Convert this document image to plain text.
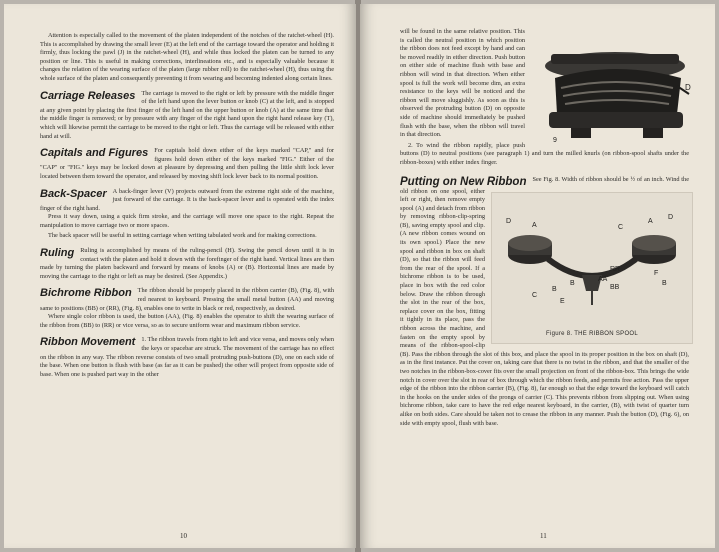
Attention is especially called to the movement of the platen independent of the notches of the ratchet-wheel (H). This is accomplished by drawing the small lever (E) at the left end of the carriage toward the operator and holding it firmly, thus locking the pawl (J) in the ratchet-wheel (H), and while thus locked the platen can be turned to any position or line. This is useful in making corrections, interlineations etc., and is especially valuable because it changes the relation of the wearing surface of the platen (large rubber roll) to the ratchet-wheel (H), thus using the whole surface of the platen and consequently preventing it from wearing and becoming indented along certain lines.

Carriage Releases The carriage is moved to the right or left by pressure with the middle finger of the left hand upon the lever button or knob (C) at the left, and is stopped at any given point by placing the first finger of the left hand on the upper button or knob (A) at the same time that the middle finger is removed; or by pressure with any finger of the right hand upon the right hand release key (T), which will likewise permit the carriage to be moved to the right or left. Thus the carriage will be released with either hand at will.
Capitals and Figures For capitals hold down either of the keys marked "CAP," and for figures hold down either of the keys marked "FIG." Either of the "CAP" or "FIG." keys may be locked down at pleasure by depressing and then pulling the little shift lock lever located between them toward the operator, and released by moving shift lock lever back to its normal position.
Back-Spacer A back-finger lever (V) projects outward from the extreme right side of the machine, just forward of the carriage. It is the back-spacer lever and is operated with the index finger of the right hand.

Press it way down, using a quick firm stroke, and the carriage will move one space to the right. Repeat the manipulation to move carriage two or more spaces.

The back spacer will be useful in setting carriage when writing tabulated work and for making corrections.

Ruling Ruling is accomplished by means of the ruling-pencil (H). Swing the pencil down until it is in contact with the platen and hold it down with the forefinger of the right hand. Vertical lines are then made by turning the platen backward and forward by means of knobs (A) or (B). Horizontal lines are made by moving the carriage to the right or left as may be desired. (See Appendix.)
Bichrome Ribbon The ribbon should be properly placed in the ribbon carrier (B), (Fig. 8), with red nearest to keyboard. Pressing the small metal button (AA) and moving same to positions (BB) or (RR), (Fig. 8), enables one to write in black or red, respectively, as desired.

Where single color ribbon is used, the button (AA), (Fig. 8) enables the operator to shift the wearing surface of the ribbon from (BB) to (RR) or vice versa, so as to secure uniform wear and maximum ribbon service.

Ribbon Movement 1. The ribbon travels from right to left and vice versa, and moves only when the keys or spacebar are struck. The movement of the carriage has no effect on the ribbon in any way. The ribbon reverse consists of two small protruding push-buttons (D), one on each side of the base. When one button is flush with base (as far as it can be pushed) the other will project from opposite side of base. When one is pushed part way in the other
10
D
9

will be found in the same relative position. This is called the neutral position in which position the ribbon does not feed except by hand and can be moved readily in either direction. Push button on either side of machine flush with base and ribbon will wind in that direction. When either spool is full the work will become dim, an extra resistance to the keys will be noticed and the ribbon will move sluggishly. As soon as this is observed the protruding button (D) on opposite side of machine should immediately be pushed flush with the base, when the ribbon will travel in that direction.

2. To wind the ribbon rapidly, place push buttons (D) to neutral positions (see paragraph 1) and turn the milled knurls (on ribbon-spool shafts under the ribbon-boxes) with either index finger.

Putting on New Ribbon
D
A	C
A
D
RR
AA
BB
B
B
F
B
C
E
Figure 8. THE RIBBON SPOOL
See Fig. 8. Width of ribbon should be ½ of an inch. Wind the old ribbon on one spool, either left or right, then remove empty spool (A) and detach from ribbon by removing ribbon-clip-spring (B), saving empty spool and clip. (A new ribbon comes wound on its own spool.) Place the new spool and ribbon in box on shaft (D), so that the ribbon will feed from the rear of the spool. If a bichrome ribbon is to be used, place in box with the red color below. Draw the ribbon through the slot in the rear of the box, replace cover on the box, fitting it tightly in its place, pass the ribbon across the machine, and fasten on the empty spool by means of the ribbon-spool-clip (B). Pass the ribbon through the slot of this box, and place the spool in its proper position in the box on shaft (D), as in the first instance. Put the cover on, taking care that there is no twist in the ribbon, and that the smaller of the two notches in the ribbon-box-cover fits over the small projection on front of the ribbon-box. This brings the wide notch in cover over the slot in rear of box through which the ribbon feeds, and permits free action. Pass the upper edge of the ribbon into the ribbon carrier (B), (Fig. 8), far enough so that the edge toward the keyboard will catch in the hooks on the under sides of the prongs of carrier (C). This prevents ribbon from slipping out. When using bichrome ribbon, take care to have the red edge nearest keyboard, in the carrier, (B), with twist of quarter turn alike on both sides. Care should be taken not to crease the ribbon in any manner. Push the button (D), (Fig. 6), on side with empty spool, flush with base.
11
